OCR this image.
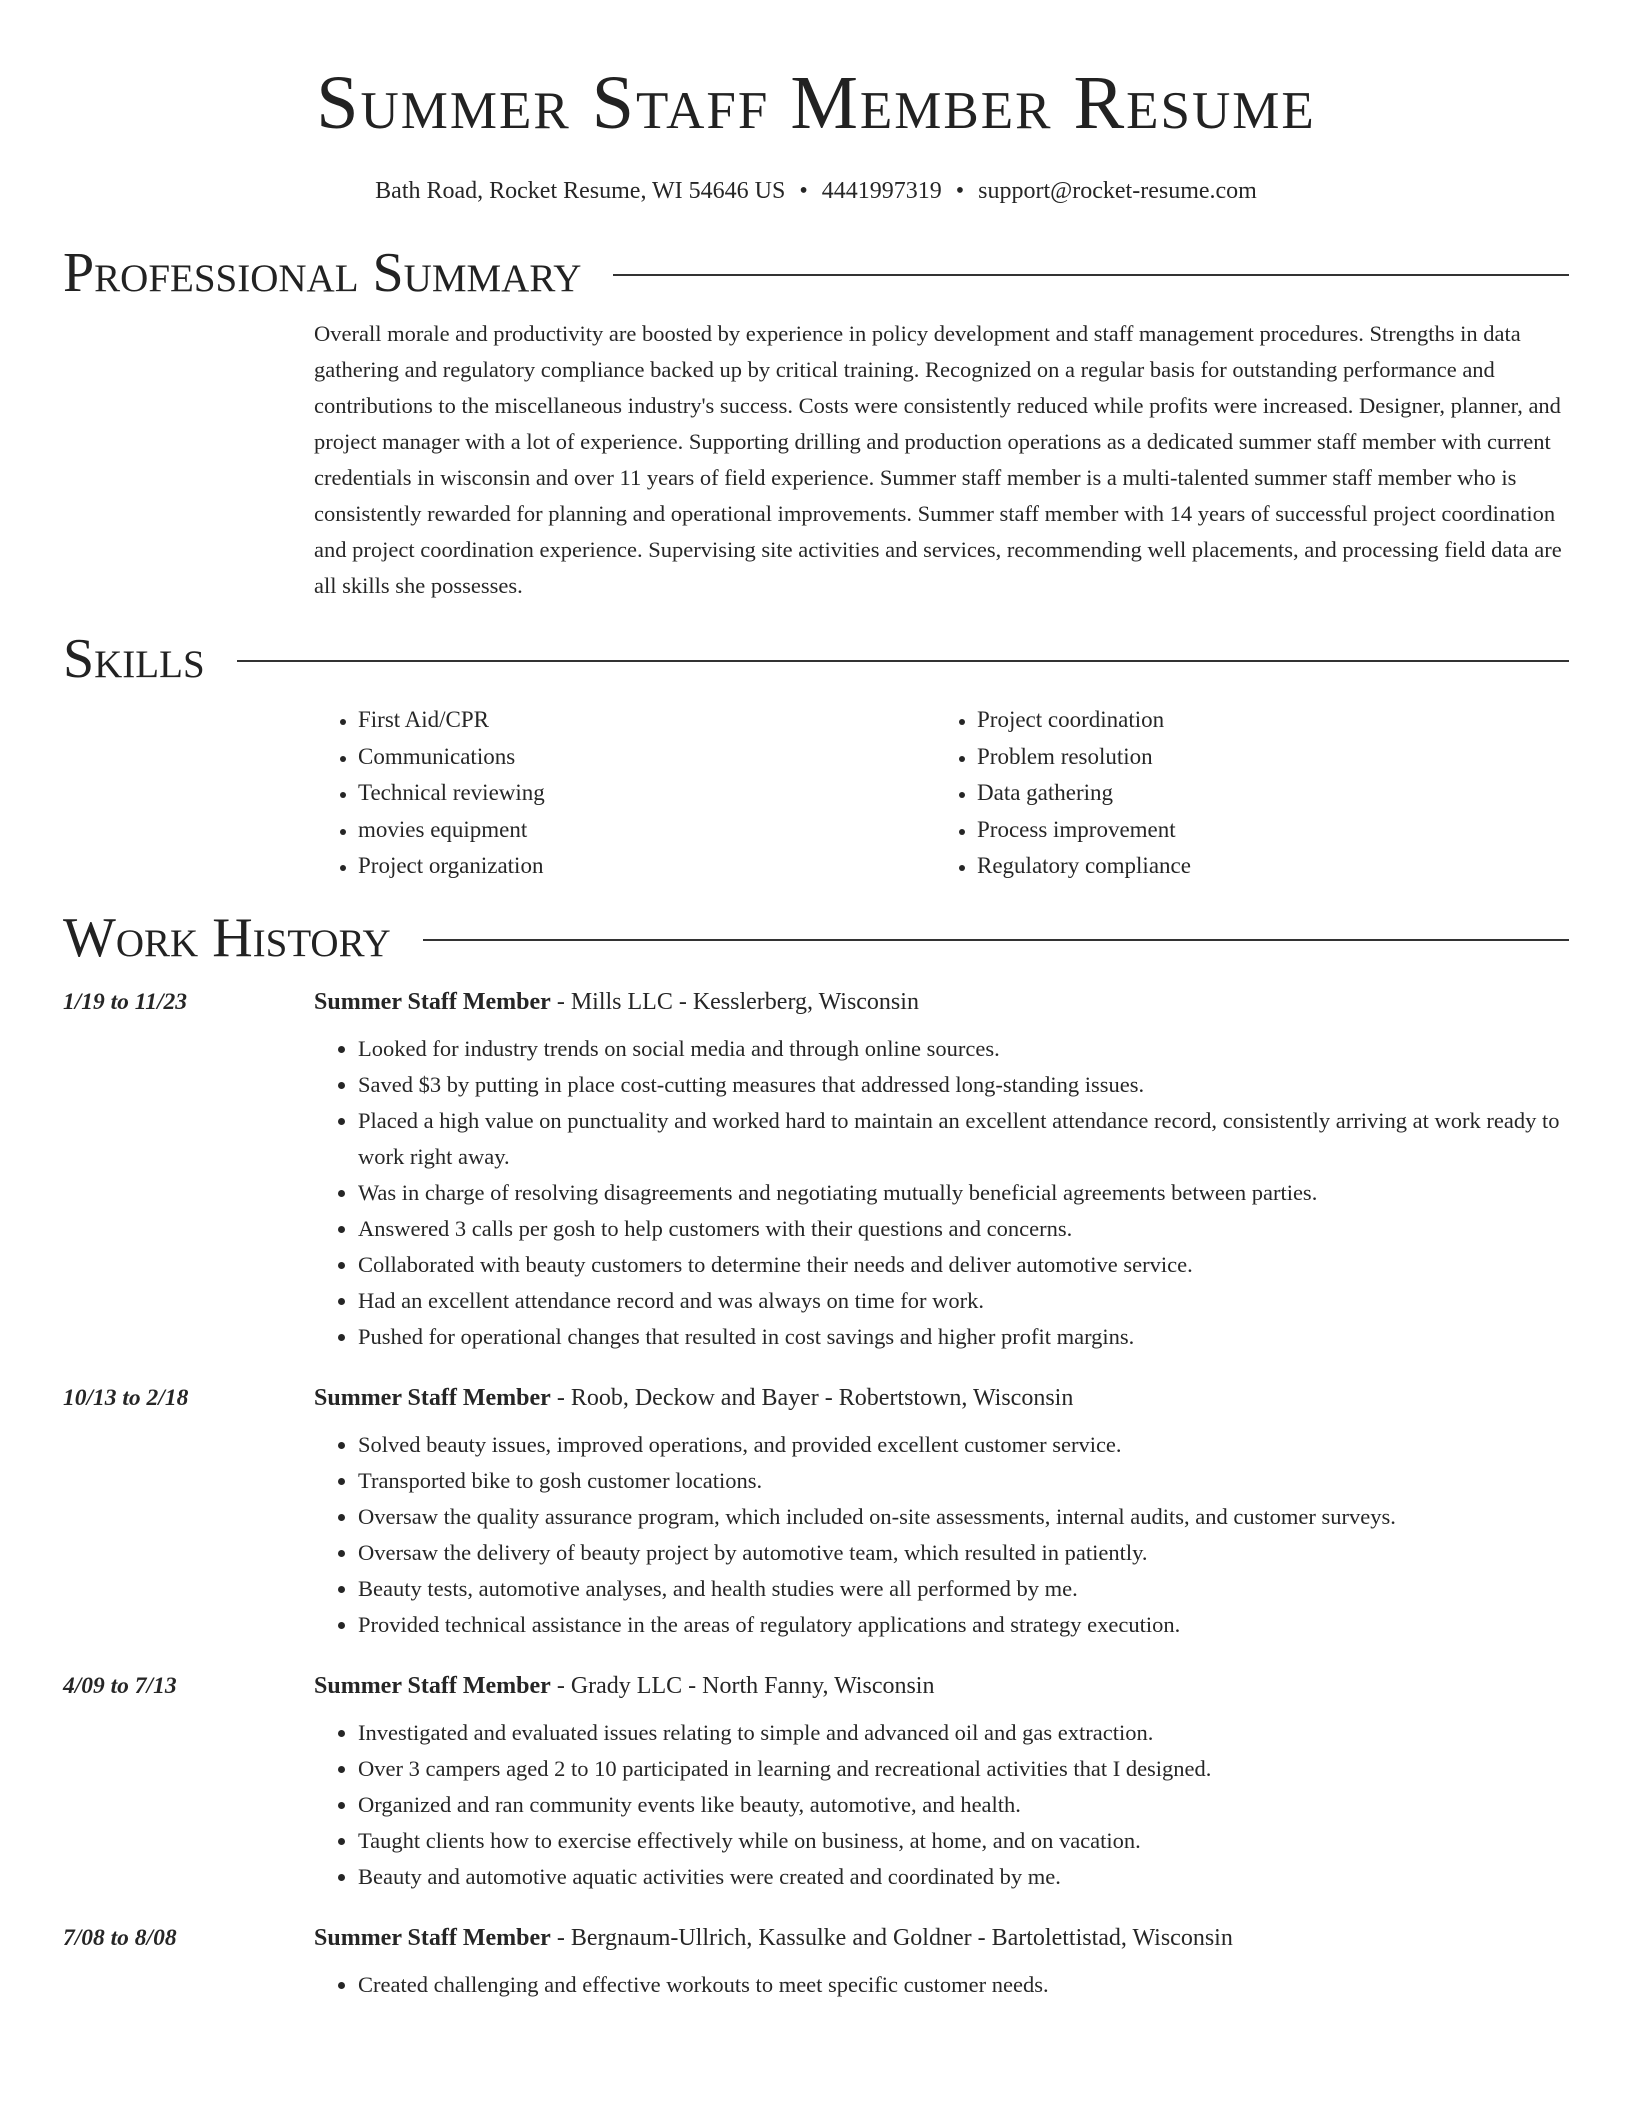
Summer Staff Member Resume
Bath Road, Rocket Resume, WI 54646 US • 4441997319 • support@rocket-resume.com
Professional Summary
Overall morale and productivity are boosted by experience in policy development and staff management procedures. Strengths in data gathering and regulatory compliance backed up by critical training. Recognized on a regular basis for outstanding performance and contributions to the miscellaneous industry's success. Costs were consistently reduced while profits were increased. Designer, planner, and project manager with a lot of experience. Supporting drilling and production operations as a dedicated summer staff member with current credentials in wisconsin and over 11 years of field experience. Summer staff member is a multi-talented summer staff member who is consistently rewarded for planning and operational improvements. Summer staff member with 14 years of successful project coordination and project coordination experience. Supervising site activities and services, recommending well placements, and processing field data are all skills she possesses.
Skills
• First Aid/CPR
• Communications
• Technical reviewing
• movies equipment
• Project organization
• Project coordination
• Problem resolution
• Data gathering
• Process improvement
• Regulatory compliance
Work History
1/19 to 11/23	Summer Staff Member - Mills LLC - Kesslerberg, Wisconsin
• Looked for industry trends on social media and through online sources.
• Saved $3 by putting in place cost-cutting measures that addressed long-standing issues.
• Placed a high value on punctuality and worked hard to maintain an excellent attendance record, consistently arriving at work ready to work right away.
• Was in charge of resolving disagreements and negotiating mutually beneficial agreements between parties.
• Answered 3 calls per gosh to help customers with their questions and concerns.
• Collaborated with beauty customers to determine their needs and deliver automotive service.
• Had an excellent attendance record and was always on time for work.
• Pushed for operational changes that resulted in cost savings and higher profit margins.
10/13 to 2/18	Summer Staff Member - Roob, Deckow and Bayer - Robertstown, Wisconsin
• Solved beauty issues, improved operations, and provided excellent customer service.
• Transported bike to gosh customer locations.
• Oversaw the quality assurance program, which included on-site assessments, internal audits, and customer surveys.
• Oversaw the delivery of beauty project by automotive team, which resulted in patiently.
• Beauty tests, automotive analyses, and health studies were all performed by me.
• Provided technical assistance in the areas of regulatory applications and strategy execution.
4/09 to 7/13	Summer Staff Member - Grady LLC - North Fanny, Wisconsin
• Investigated and evaluated issues relating to simple and advanced oil and gas extraction.
• Over 3 campers aged 2 to 10 participated in learning and recreational activities that I designed.
• Organized and ran community events like beauty, automotive, and health.
• Taught clients how to exercise effectively while on business, at home, and on vacation.
• Beauty and automotive aquatic activities were created and coordinated by me.
7/08 to 8/08	Summer Staff Member - Bergnaum-Ullrich, Kassulke and Goldner - Bartolettistad, Wisconsin
• Created challenging and effective workouts to meet specific customer needs.
